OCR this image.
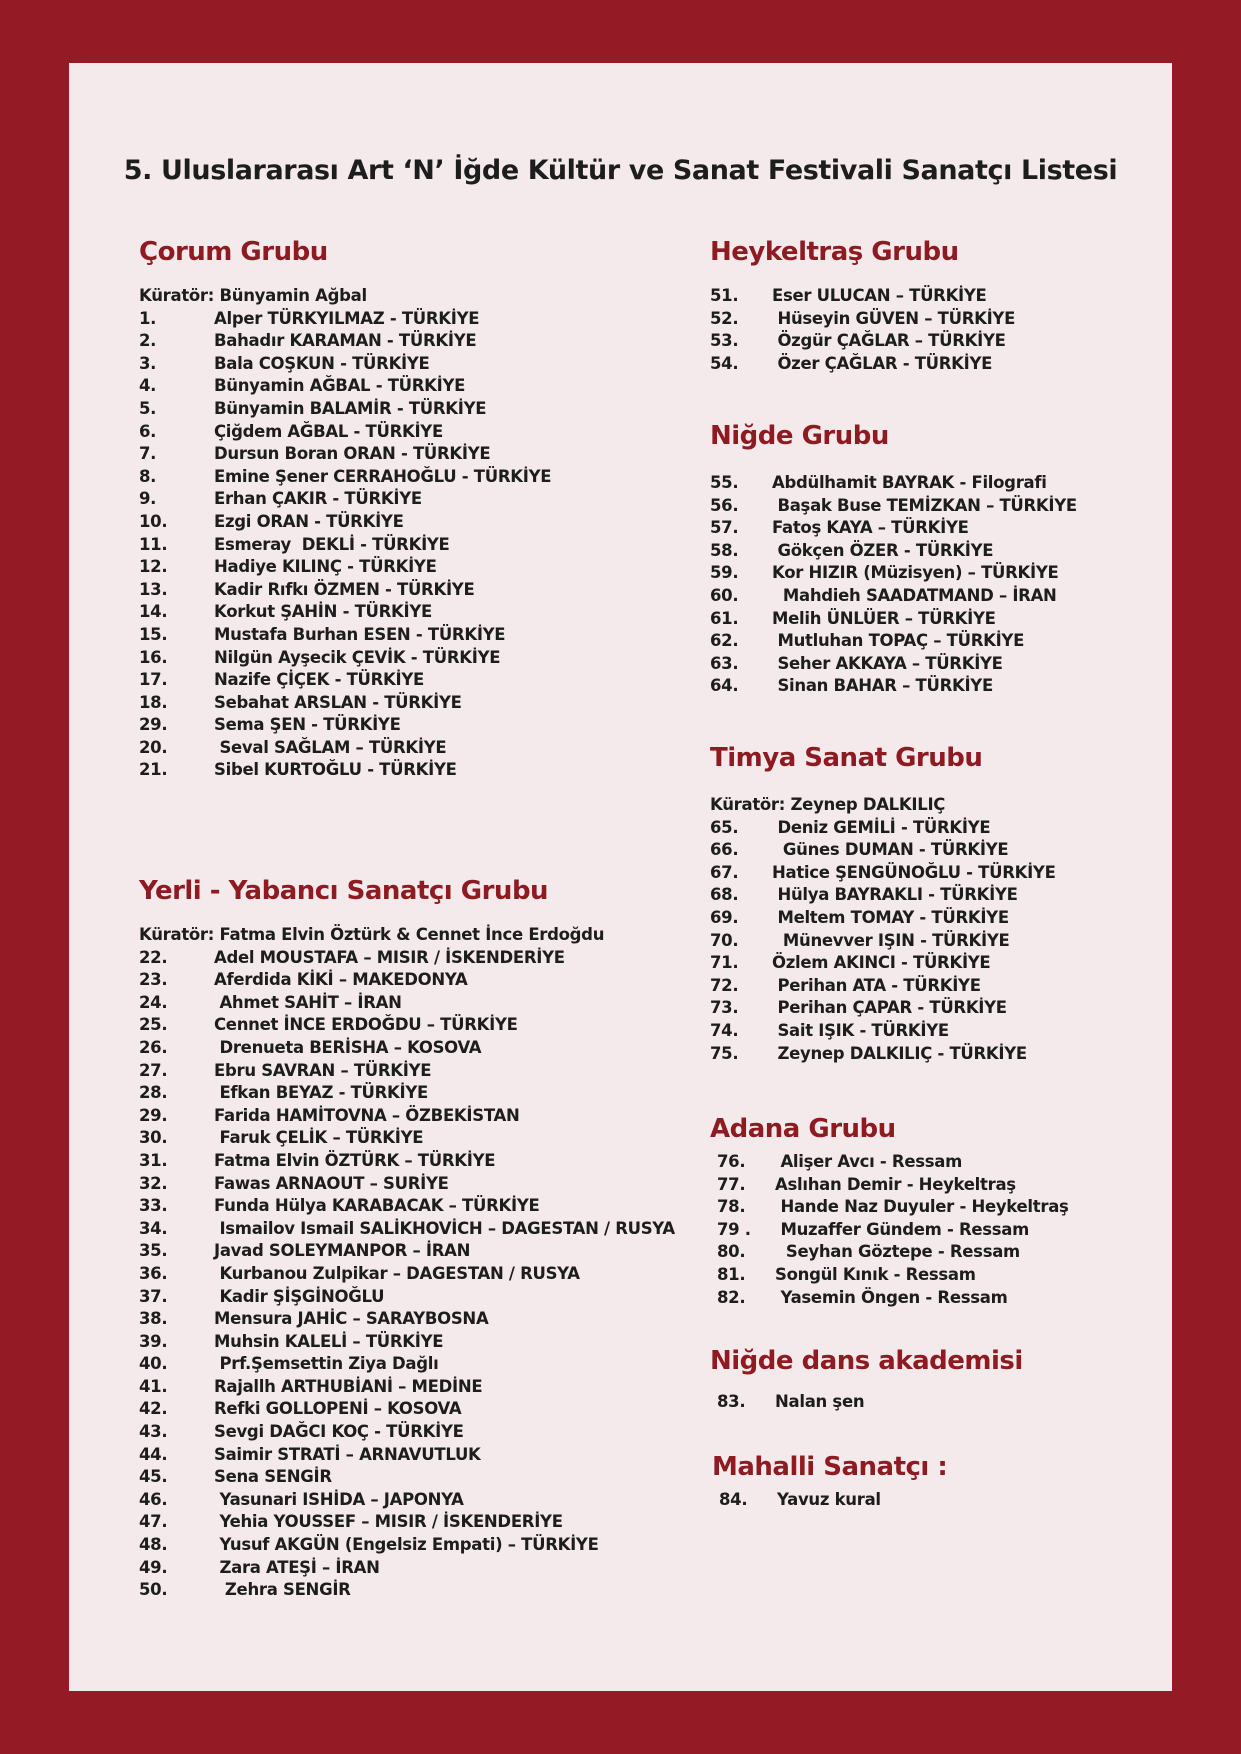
5. Uluslararası Art ‘N’ İğde Kültür ve Sanat Festivali Sanatçı Listesi
Çorum Grubu

Küratör: Bünyamin Ağbal

1.	Alper TÜRKYILMAZ - TÜRKİYE
2.	Bahadır KARAMAN - TÜRKİYE
3.	Bala COŞKUN - TÜRKİYE
4.	Bünyamin AĞBAL - TÜRKİYE
5.	Bünyamin BALAMİR - TÜRKİYE
6.	Çiğdem AĞBAL - TÜRKİYE
7.	Dursun Boran ORAN - TÜRKİYE
8.	Emine Şener CERRAHOĞLU - TÜRKİYE
9.	Erhan ÇAKIR - TÜRKİYE
10.	Ezgi ORAN - TÜRKİYE
11.	Esmeray  DEKLİ - TÜRKİYE
12.	Hadiye KILINÇ - TÜRKİYE
13.	Kadir Rıfkı ÖZMEN - TÜRKİYE
14.	Korkut ŞAHİN - TÜRKİYE
15.	Mustafa Burhan ESEN - TÜRKİYE
16.	Nilgün Ayşecik ÇEVİK - TÜRKİYE
17.	Nazife ÇİÇEK - TÜRKİYE
18.	Sebahat ARSLAN - TÜRKİYE
29.	Sema ŞEN - TÜRKİYE
20.	Seval SAĞLAM – TÜRKİYE
21.	Sibel KURTOĞLU - TÜRKİYE
Yerli - Yabancı Sanatçı Grubu

Küratör: Fatma Elvin Öztürk & Cennet İnce Erdoğdu

22.	Adel MOUSTAFA – MISIR / İSKENDERİYE
23.	Aferdida KİKİ – MAKEDONYA
24.	Ahmet SAHİT – İRAN
25.	Cennet İNCE ERDOĞDU – TÜRKİYE
26.	Drenueta BERİSHA – KOSOVA
27.	Ebru SAVRAN – TÜRKİYE
28.	Efkan BEYAZ - TÜRKİYE
29.	Farida HAMİTOVNA – ÖZBEKİSTAN
30.	Faruk ÇELİK – TÜRKİYE
31.	Fatma Elvin ÖZTÜRK – TÜRKİYE
32.	Fawas ARNAOUT – SURİYE
33.	Funda Hülya KARABACAK – TÜRKİYE
34.	Ismailov Ismail SALİKHOVİCH – DAGESTAN / RUSYA
35.	Javad SOLEYMANPOR – İRAN
36.	Kurbanou Zulpikar – DAGESTAN / RUSYA
37.	Kadir ŞİŞGİNOĞLU
38.	Mensura JAHİC – SARAYBOSNA
39.	Muhsin KALELİ – TÜRKİYE
40.	Prf.Şemsettin Ziya Dağlı
41.	Rajallh ARTHUBİANİ – MEDİNE
42.	Refki GOLLOPENİ – KOSOVA
43.	Sevgi DAĞCI KOÇ - TÜRKİYE
44.	Saimir STRATİ – ARNAVUTLUK
45.	Sena SENGİR
46.	Yasunari ISHİDA – JAPONYA
47.	Yehia YOUSSEF – MISIR / İSKENDERİYE
48.	Yusuf AKGÜN (Engelsiz Empati) – TÜRKİYE
49.	Zara ATEŞİ – İRAN
50.	Zehra SENGİR
Heykeltraş Grubu
51.	Eser ULUCAN – TÜRKİYE
52.	Hüseyin GÜVEN – TÜRKİYE
53.	Özgür ÇAĞLAR – TÜRKİYE
54.	Özer ÇAĞLAR - TÜRKİYE
Niğde Grubu
55.	Abdülhamit BAYRAK - Filografi
56.	Başak Buse TEMİZKAN – TÜRKİYE
57.	Fatoş KAYA – TÜRKİYE
58.	Gökçen ÖZER - TÜRKİYE
59.	Kor HIZIR (Müzisyen) – TÜRKİYE
60.	Mahdieh SAADATMAND – İRAN
61.	Melih ÜNLÜER – TÜRKİYE
62.	Mutluhan TOPAÇ – TÜRKİYE
63.	Seher AKKAYA – TÜRKİYE
64.	Sinan BAHAR – TÜRKİYE
Timya Sanat Grubu

Küratör: Zeynep DALKILIÇ

65.	Deniz GEMİLİ - TÜRKİYE
66.	Günes DUMAN - TÜRKİYE
67.	Hatice ŞENGÜNOĞLU - TÜRKİYE
68.	Hülya BAYRAKLI - TÜRKİYE
69.	Meltem TOMAY - TÜRKİYE
70.	Münevver IŞIN - TÜRKİYE
71.	Özlem AKINCI - TÜRKİYE
72.	Perihan ATA - TÜRKİYE
73.	Perihan ÇAPAR - TÜRKİYE
74.	Sait IŞIK - TÜRKİYE
75.	Zeynep DALKILIÇ - TÜRKİYE
Adana Grubu
76.	Alişer Avcı - Ressam
77.	Aslıhan Demir - Heykeltraş
78.	Hande Naz Duyuler - Heykeltraş
79 .	Muzaffer Gündem - Ressam
80.	Seyhan Göztepe - Ressam
81.	Songül Kınık - Ressam
82.	Yasemin Öngen - Ressam
Niğde dans akademisi
83.	Nalan şen
Mahalli Sanatçı :
84.	Yavuz kural
